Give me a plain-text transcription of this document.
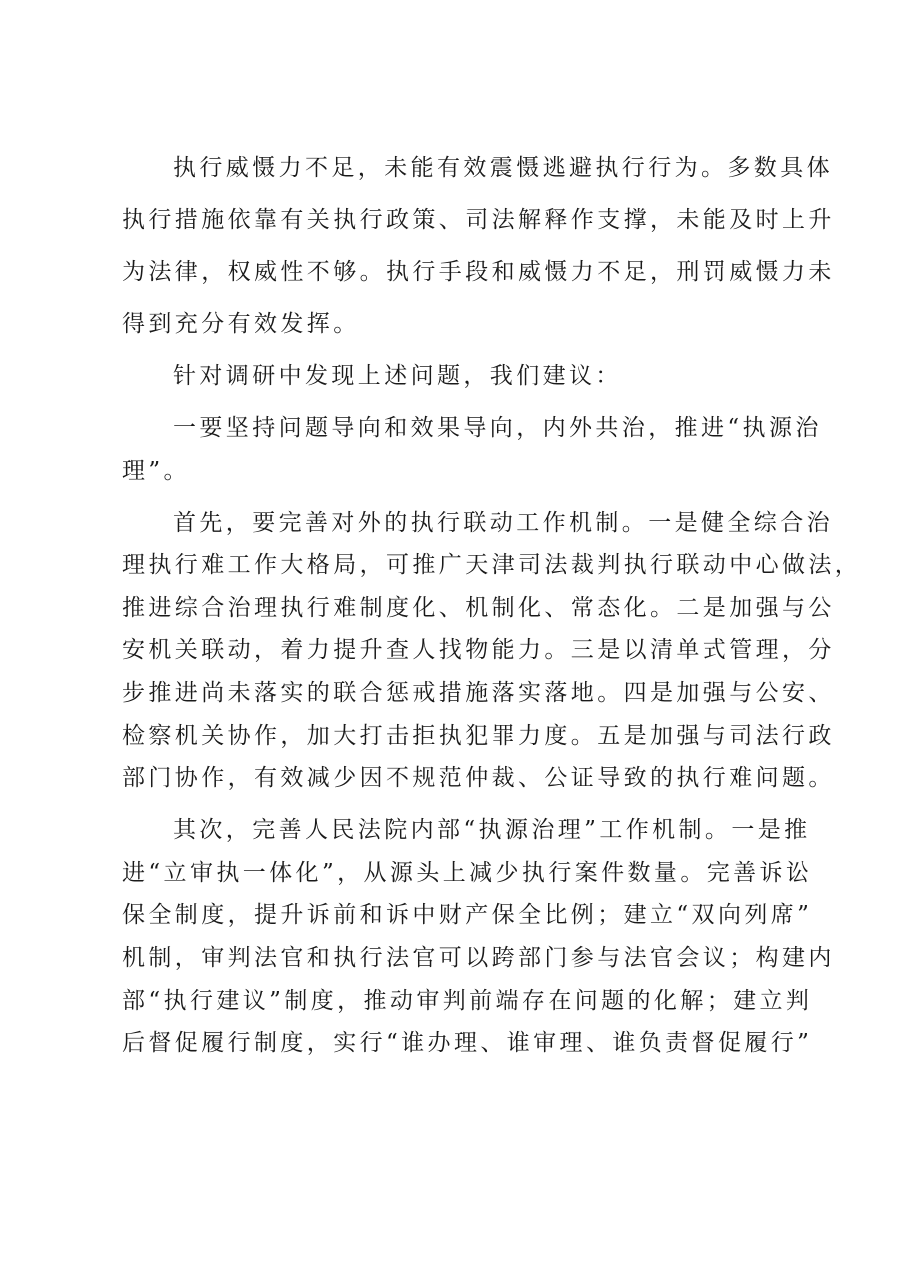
执行威慑力不足，未能有效震慑逃避执行行为。多数具体
执行措施依靠有关执行政策、司法解释作支撑，未能及时上升
为法律，权威性不够。执行手段和威慑力不足，刑罚威慑力未
得到充分有效发挥。
针对调研中发现上述问题，我们建议：
一要坚持问题导向和效果导向，内外共治，推进“执源治
理”。
首先，要完善对外的执行联动工作机制。一是健全综合治
理执行难工作大格局，可推广天津司法裁判执行联动中心做法，
推进综合治理执行难制度化、机制化、常态化。二是加强与公
安机关联动，着力提升查人找物能力。三是以清单式管理，分
步推进尚未落实的联合惩戒措施落实落地。四是加强与公安、
检察机关协作，加大打击拒执犯罪力度。五是加强与司法行政
部门协作，有效减少因不规范仲裁、公证导致的执行难问题。
其次，完善人民法院内部“执源治理”工作机制。一是推
进“立审执一体化”，从源头上减少执行案件数量。完善诉讼
保全制度，提升诉前和诉中财产保全比例；建立“双向列席”
机制，审判法官和执行法官可以跨部门参与法官会议；构建内
部“执行建议”制度，推动审判前端存在问题的化解；建立判
后督促履行制度，实行“谁办理、谁审理、谁负责督促履行”
